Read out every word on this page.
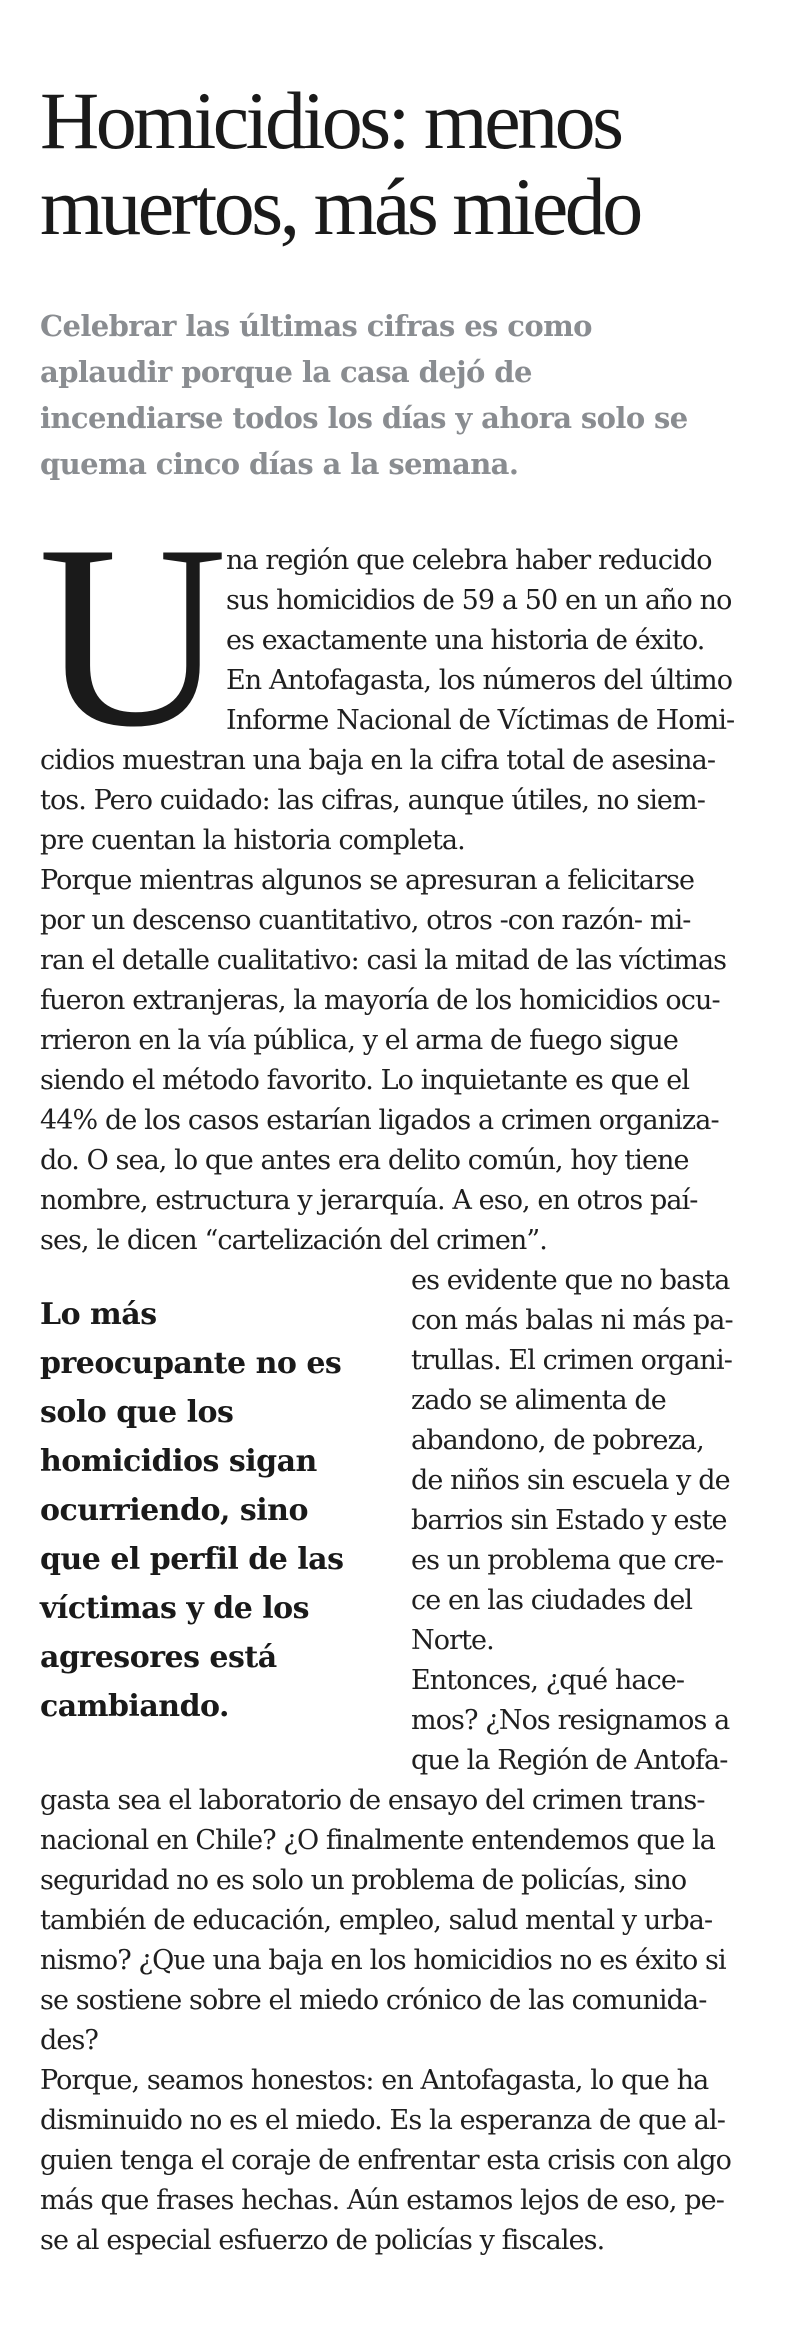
Homicidios: menos
muertos, más miedo

Celebrar las últimas cifras es como
aplaudir porque la casa dejó de
incendiarse todos los días y ahora solo se
quema cinco días a la semana.

U
na región que celebra haber reducido
sus homicidios de 59 a 50 en un año no
es exactamente una historia de éxito.
En Antofagasta, los números del último
Informe Nacional de Víctimas de Homi-
cidios muestran una baja en la cifra total de asesina-
tos. Pero cuidado: las cifras, aunque útiles, no siem-
pre cuentan la historia completa.
Porque mientras algunos se apresuran a felicitarse
por un descenso cuantitativo, otros -con razón- mi-
ran el detalle cualitativo: casi la mitad de las víctimas
fueron extranjeras, la mayoría de los homicidios ocu-
rrieron en la vía pública, y el arma de fuego sigue
siendo el método favorito. Lo inquietante es que el
44% de los casos estarían ligados a crimen organiza-
do. O sea, lo que antes era delito común, hoy tiene
nombre, estructura y jerarquía. A eso, en otros paí-
ses, le dicen “cartelización del crimen”.

Lo más
preocupante no es
solo que los
homicidios sigan
ocurriendo, sino
que el perfil de las
víctimas y de los
agresores está
cambiando.

es evidente que no basta
con más balas ni más pa-
trullas. El crimen organi-
zado se alimenta de
abandono, de pobreza,
de niños sin escuela y de
barrios sin Estado y este
es un problema que cre-
ce en las ciudades del
Norte.
Entonces, ¿qué hace-
mos? ¿Nos resignamos a
que la Región de Antofa-
gasta sea el laboratorio de ensayo del crimen trans-
nacional en Chile? ¿O finalmente entendemos que la
seguridad no es solo un problema de policías, sino
también de educación, empleo, salud mental y urba-
nismo? ¿Que una baja en los homicidios no es éxito si
se sostiene sobre el miedo crónico de las comunida-
des?
Porque, seamos honestos: en Antofagasta, lo que ha
disminuido no es el miedo. Es la esperanza de que al-
guien tenga el coraje de enfrentar esta crisis con algo
más que frases hechas. Aún estamos lejos de eso, pe-
se al especial esfuerzo de policías y fiscales.
